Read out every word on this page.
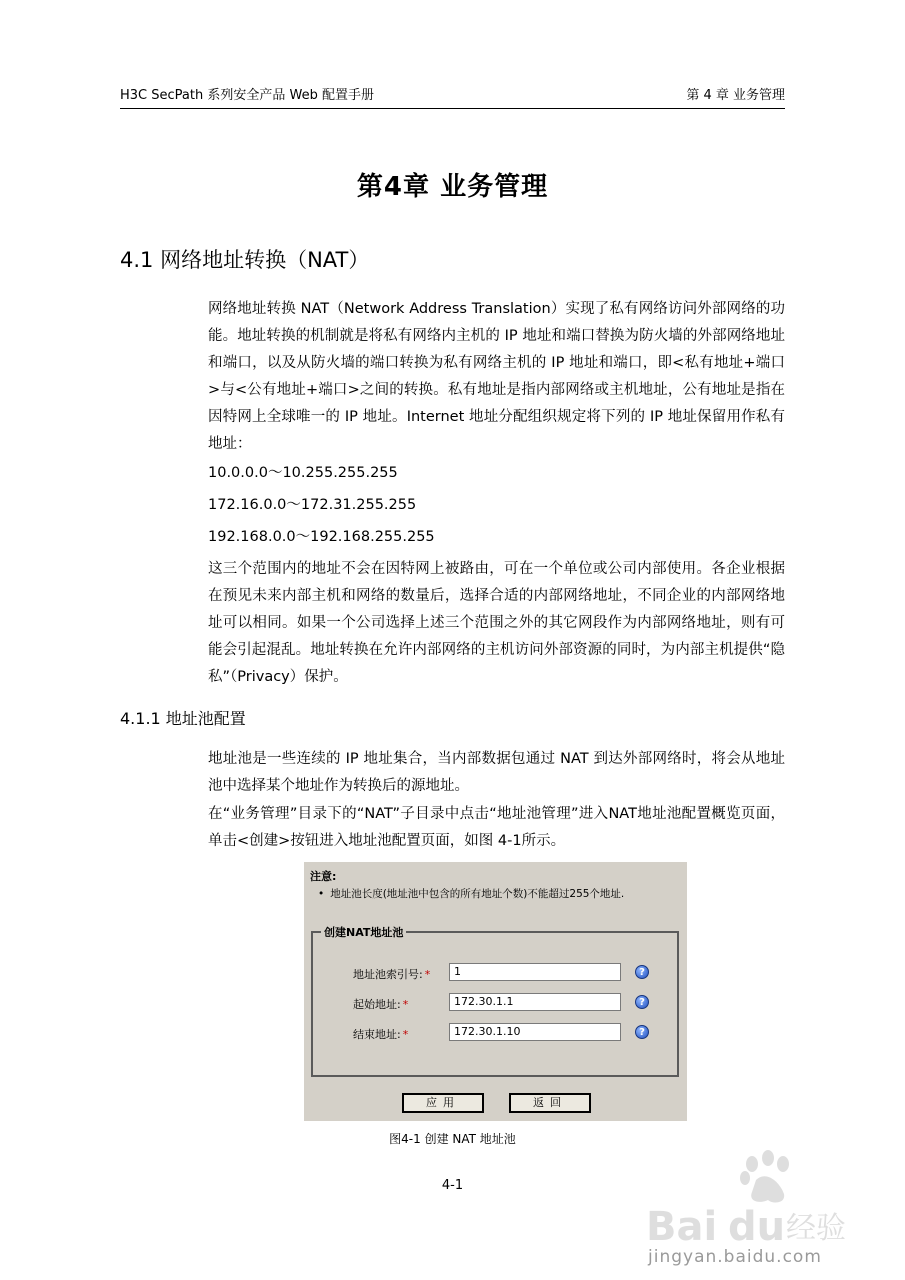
H3C SecPath 系列安全产品 Web 配置手册	第 4 章 业务管理
第4章 业务管理
4.1 网络地址转换（NAT）
网络地址转换 NAT（Network Address Translation）实现了私有网络访问外部网络的功能。地址转换的机制就是将私有网络内主机的 IP 地址和端口替换为防火墙的外部网络地址和端口，以及从防火墙的端口转换为私有网络主机的 IP 地址和端口，即<私有地址+端口>与<公有地址+端口>之间的转换。私有地址是指内部网络或主机地址，公有地址是指在因特网上全球唯一的 IP 地址。Internet 地址分配组织规定将下列的 IP 地址保留用作私有地址：
10.0.0.0～10.255.255.255
172.16.0.0～172.31.255.255
192.168.0.0～192.168.255.255
这三个范围内的地址不会在因特网上被路由，可在一个单位或公司内部使用。各企业根据在预见未来内部主机和网络的数量后，选择合适的内部网络地址，不同企业的内部网络地址可以相同。如果一个公司选择上述三个范围之外的其它网段作为内部网络地址，则有可能会引起混乱。地址转换在允许内部网络的主机访问外部资源的同时，为内部主机提供“隐私”（Privacy）保护。
4.1.1 地址池配置
地址池是一些连续的 IP 地址集合，当内部数据包通过 NAT 到达外部网络时，将会从地址池中选择某个地址作为转换后的源地址。
在“业务管理”目录下的“NAT”子目录中点击“地址池管理”进入NAT地址池配置概览页面，单击<创建>按钮进入地址池配置页面，如图 4-1所示。
注意:
• 地址池长度(地址池中包含的所有地址个数)不能超过255个地址.
创建NAT地址池
地址池索引号: *	1	?
起始地址: *	172.30.1.1	?
结束地址: *	172.30.1.10	?
应用	返回
图4-1 创建 NAT 地址池
4-1
Bai du 经验
jingyan.baidu.com
